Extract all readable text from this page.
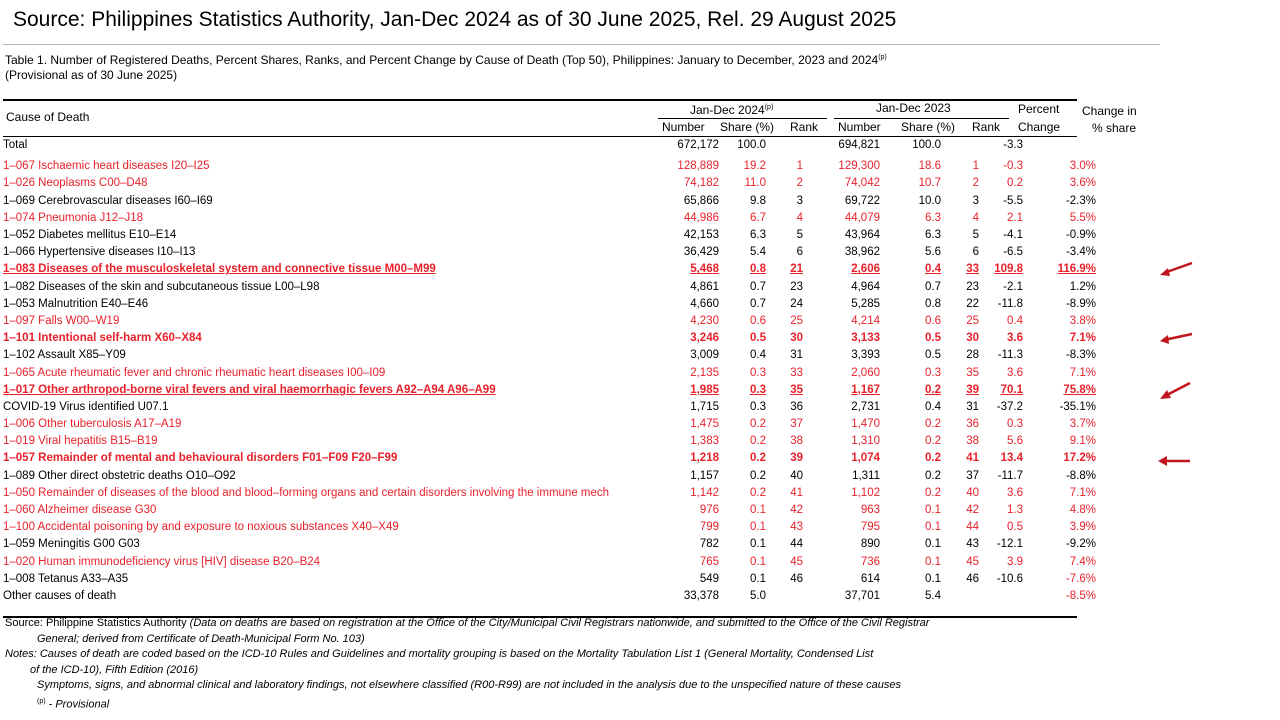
Source: Philippines Statistics Authority, Jan-Dec 2024 as of 30 June 2025, Rel. 29 August 2025
Table 1. Number of Registered Deaths, Percent Shares, Ranks, and Percent Change by Cause of Death (Top 50), Philippines: January to December, 2023 and 2024$^{(p)}$
(Provisional as of 30 June 2025)
Cause of Death	Jan-Dec 2024$^{(p)}$	Jan-Dec 2023
Number Share (%) Rank Number Share (%) Rank
Percent
Change
Change in
% share
Total	672,172	100.0		694,821	100.0		-3.3	

1–067 Ischaemic heart diseases I20–I25	128,889	19.2	1	129,300	18.6	1	-0.3	3.0%
1–026 Neoplasms C00–D48	74,182	11.0	2	74,042	10.7	2	0.2	3.6%
1–069 Cerebrovascular diseases I60–I69	65,866	9.8	3	69,722	10.0	3	-5.5	-2.3%
1–074 Pneumonia J12–J18	44,986	6.7	4	44,079	6.3	4	2.1	5.5%
1–052 Diabetes mellitus E10–E14	42,153	6.3	5	43,964	6.3	5	-4.1	-0.9%
1–066 Hypertensive diseases I10–I13	36,429	5.4	6	38,962	5.6	6	-6.5	-3.4%
1–083 Diseases of the musculoskeletal system and connective tissue M00–M99	5,468	0.8	21	2,606	0.4	33	109.8	116.9%
1–082 Diseases of the skin and subcutaneous tissue L00–L98	4,861	0.7	23	4,964	0.7	23	-2.1	1.2%
1–053 Malnutrition E40–E46	4,660	0.7	24	5,285	0.8	22	-11.8	-8.9%
1–097 Falls W00–W19	4,230	0.6	25	4,214	0.6	25	0.4	3.8%
1–101 Intentional self-harm X60–X84	3,246	0.5	30	3,133	0.5	30	3.6	7.1%
1–102 Assault X85–Y09	3,009	0.4	31	3,393	0.5	28	-11.3	-8.3%
1–065 Acute rheumatic fever and chronic rheumatic heart diseases I00–I09	2,135	0.3	33	2,060	0.3	35	3.6	7.1%
1–017 Other arthropod-borne viral fevers and viral haemorrhagic fevers A92–A94 A96–A99	1,985	0.3	35	1,167	0.2	39	70.1	75.8%
COVID-19 Virus identified U07.1	1,715	0.3	36	2,731	0.4	31	-37.2	-35.1%
1–006 Other tuberculosis A17–A19	1,475	0.2	37	1,470	0.2	36	0.3	3.7%
1–019 Viral hepatitis B15–B19	1,383	0.2	38	1,310	0.2	38	5.6	9.1%
1–057 Remainder of mental and behavioural disorders F01–F09 F20–F99	1,218	0.2	39	1,074	0.2	41	13.4	17.2%
1–089 Other direct obstetric deaths O10–O92	1,157	0.2	40	1,311	0.2	37	-11.7	-8.8%
1–050 Remainder of diseases of the blood and blood–forming organs and certain disorders involving the immune mech	1,142	0.2	41	1,102	0.2	40	3.6	7.1%
1–060 Alzheimer disease G30	976	0.1	42	963	0.1	42	1.3	4.8%
1–100 Accidental poisoning by and exposure to noxious substances X40–X49	799	0.1	43	795	0.1	44	0.5	3.9%
1–059 Meningitis G00 G03	782	0.1	44	890	0.1	43	-12.1	-9.2%
1–020 Human immunodeficiency virus [HIV] disease B20–B24	765	0.1	45	736	0.1	45	3.9	7.4%
1–008 Tetanus A33–A35	549	0.1	46	614	0.1	46	-10.6	-7.6%
Other causes of death	33,378	5.0		37,701	5.4			-8.5%
Source: Philippine Statistics Authority (Data on deaths are based on registration at the Office of the City/Municipal Civil Registrars nationwide, and submitted to the Office of the Civil Registrar
General; derived from Certificate of Death-Municipal Form No. 103)
Notes: Causes of death are coded based on the ICD-10 Rules and Guidelines and mortality grouping is based on the Mortality Tabulation List 1 (General Mortality, Condensed List
of the ICD-10), Fifth Edition (2016)
Symptoms, signs, and abnormal clinical and laboratory findings, not elsewhere classified (R00-R99) are not included in the analysis due to the unspecified nature of these causes
$^{(p)}$ - Provisional
